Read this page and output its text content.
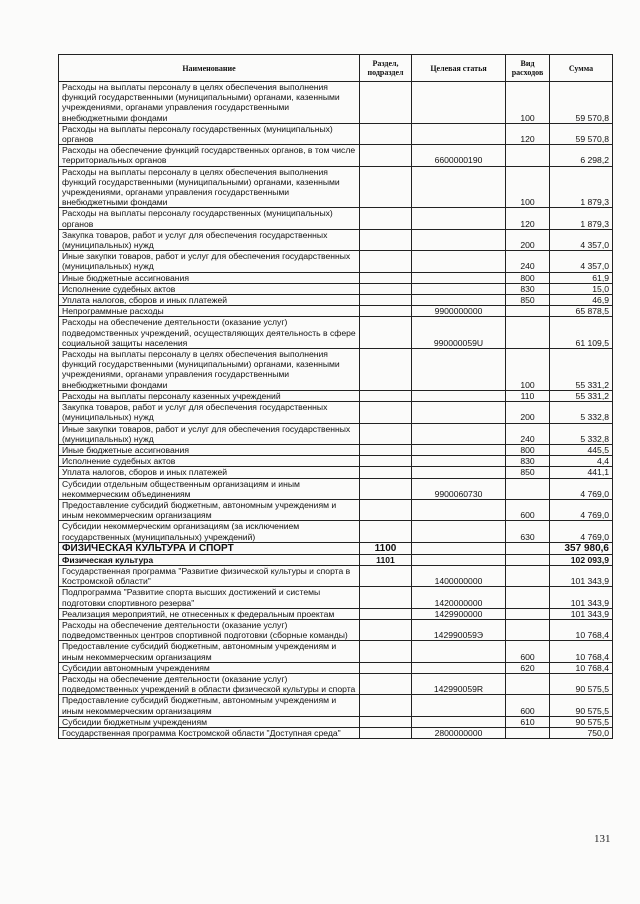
Наименование	Раздел, подраздел	Целевая статья	Вид расходов	Сумма
Расходы на выплаты персоналу в целях обеспечения выполнения функций государственными (муниципальными) органами, казенными учреждениями, органами управления государственными внебюджетными фондами			100	59 570,8
Расходы на выплаты персоналу государственных (муниципальных) органов			120	59 570,8
Расходы на обеспечение функций государственных органов, в том числе территориальных органов		6600000190		6 298,2
Расходы на выплаты персоналу в целях обеспечения выполнения функций государственными (муниципальными) органами, казенными учреждениями, органами управления государственными внебюджетными фондами			100	1 879,3
Расходы на выплаты персоналу государственных (муниципальных) органов			120	1 879,3
Закупка товаров, работ и услуг для обеспечения государственных (муниципальных) нужд			200	4 357,0
Иные закупки товаров, работ и услуг для обеспечения государственных (муниципальных) нужд			240	4 357,0
Иные бюджетные ассигнования			800	61,9
Исполнение судебных актов			830	15,0
Уплата налогов, сборов и иных платежей			850	46,9
Непрограммные расходы		9900000000		65 878,5
Расходы на обеспечение деятельности (оказание услуг) подведомственных учреждений, осуществляющих деятельность в сфере социальной защиты населения		990000059U		61 109,5
Расходы на выплаты персоналу в целях обеспечения выполнения функций государственными (муниципальными) органами, казенными учреждениями, органами управления государственными внебюджетными фондами			100	55 331,2
Расходы на выплаты персоналу казенных учреждений			110	55 331,2
Закупка товаров, работ и услуг для обеспечения государственных (муниципальных) нужд			200	5 332,8
Иные закупки товаров, работ и услуг для обеспечения государственных (муниципальных) нужд			240	5 332,8
Иные бюджетные ассигнования			800	445,5
Исполнение судебных актов			830	4,4
Уплата налогов, сборов и иных платежей			850	441,1
Субсидии отдельным общественным организациям и иным некоммерческим объединениям		9900060730		4 769,0
Предоставление субсидий бюджетным, автономным учреждениям и иным некоммерческим организациям			600	4 769,0
Субсидии некоммерческим организациям (за исключением государственных (муниципальных) учреждений)			630	4 769,0
ФИЗИЧЕСКАЯ КУЛЬТУРА И СПОРТ	1100			357 980,6
Физическая культура	1101			102 093,9
Государственная программа "Развитие физической культуры и спорта в Костромской области"		1400000000		101 343,9
Подпрограмма "Развитие спорта высших достижений и системы подготовки спортивного резерва"		1420000000		101 343,9
Реализация мероприятий, не отнесенных к федеральным проектам		1429900000		101 343,9
Расходы на обеспечение деятельности (оказание услуг) подведомственных центров спортивной подготовки (сборные команды)		142990059Э		10 768,4
Предоставление субсидий бюджетным, автономным учреждениям и иным некоммерческим организациям			600	10 768,4
Субсидии автономным учреждениям			620	10 768,4
Расходы на обеспечение деятельности (оказание услуг) подведомственных учреждений в области физической культуры и спорта		142990059R		90 575,5
Предоставление субсидий бюджетным, автономным учреждениям и иным некоммерческим организациям			600	90 575,5
Субсидии бюджетным учреждениям			610	90 575,5
Государственная программа Костромской области "Доступная среда"		2800000000		750,0
131
